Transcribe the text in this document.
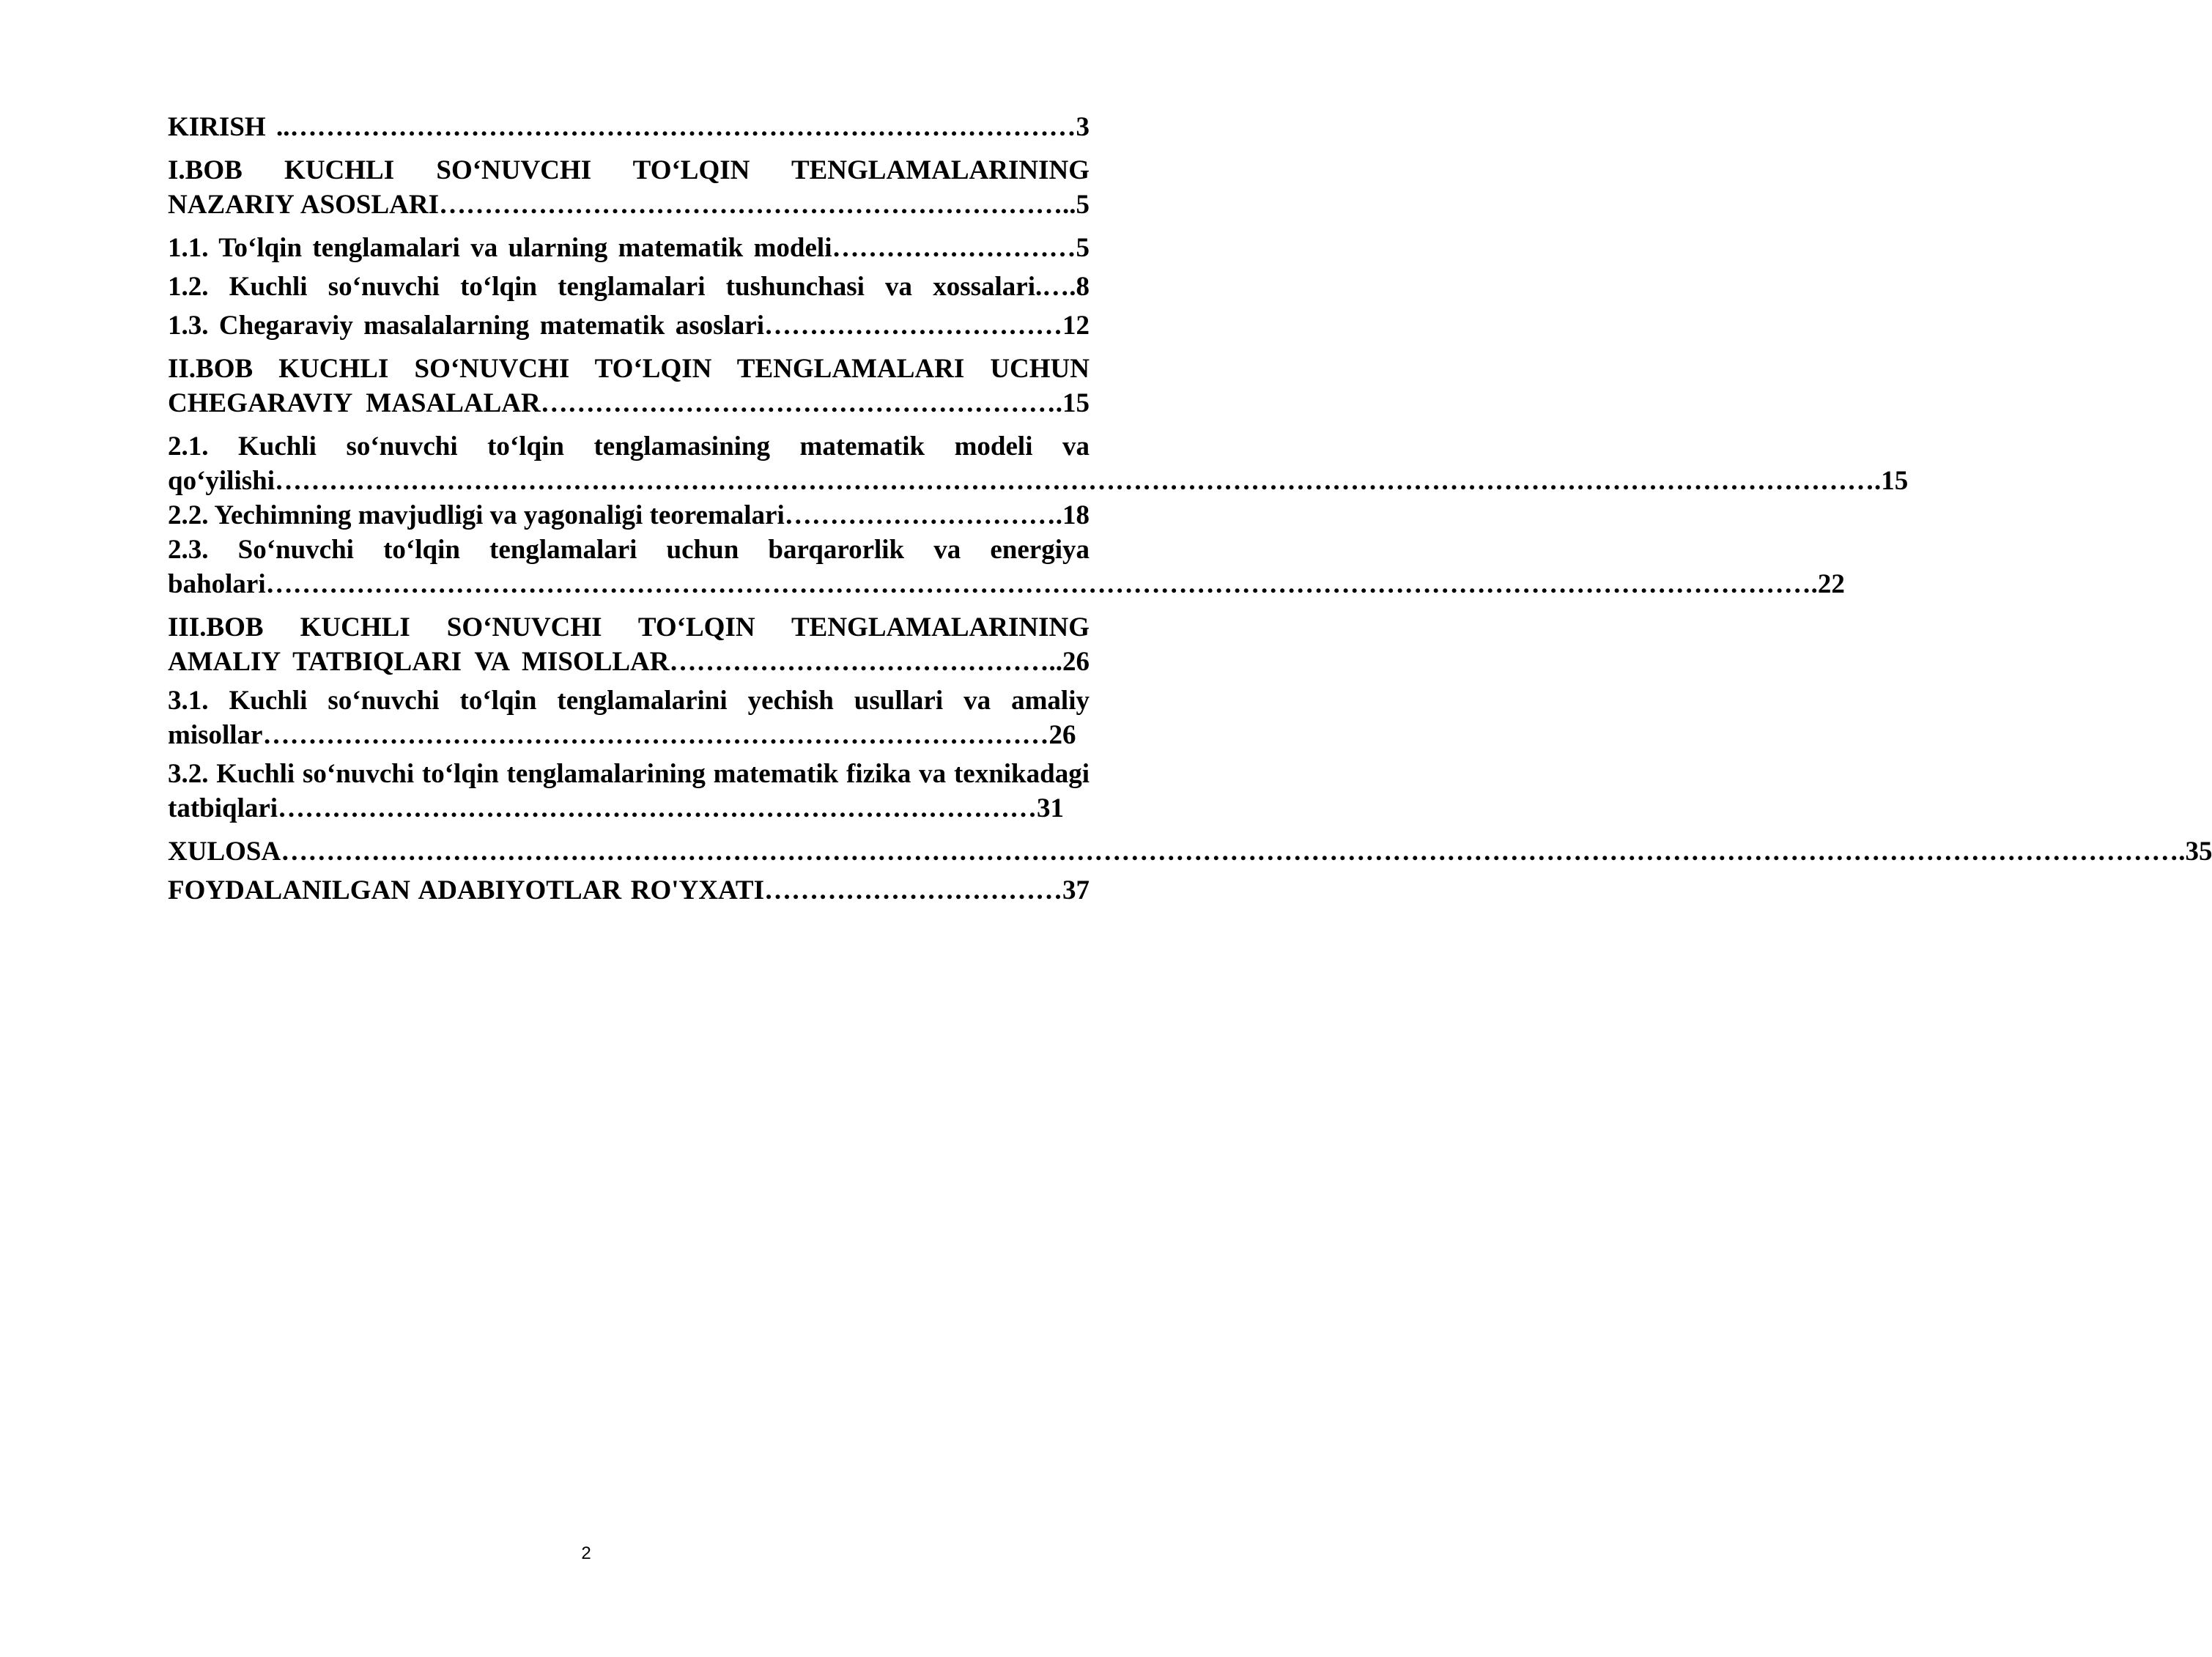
KIRISH ..……………………………………………………………………………3

I.BOB KUCHLI SO‘NUVCHI TO‘LQIN TENGLAMALARINING

NAZARIY ASOSLARI……………………………………………………………..5

1.1. To‘lqin tenglamalari va ularning matematik modeli………………………5

1.2. Kuchli so‘nuvchi to‘lqin tenglamalari tushunchasi va xossalari.….8

1.3. Chegaraviy masalalarning matematik asoslari……………………………12

II.BOB KUCHLI SO‘NUVCHI TO‘LQIN TENGLAMALARI UCHUN

CHEGARAVIY MASALALAR………………………………………………….15

2.1. Kuchli so‘nuvchi to‘lqin tenglamasining matematik modeli va

qo‘yilishi…………………………………………………………………………………………………………………………………………………………….15

2.2. Yechimning mavjudligi va yagonaligi teoremalari………………………….18

2.3. So‘nuvchi to‘lqin tenglamalari uchun barqarorlik va energiya

baholari……………………………………………………………………………………………………………………………………………………….22

III.BOB KUCHLI SO‘NUVCHI TO‘LQIN TENGLAMALARINING

AMALIY TATBIQLARI VA MISOLLAR……………………………………..26

3.1. Kuchli so‘nuvchi to‘lqin tenglamalarini yechish usullari va amaliy

misollar……………………………………………………………………………26

3.2. Kuchli so‘nuvchi to‘lqin tenglamalarining matematik fizika va texnikadagi

tatbiqlari…………………………………………………………………………31

XULOSA………………………………………………………………………………………………………………………………………………………………………………………….35

FOYDALANILGAN ADABIYOTLAR RO'YXATI……………………………37

2
